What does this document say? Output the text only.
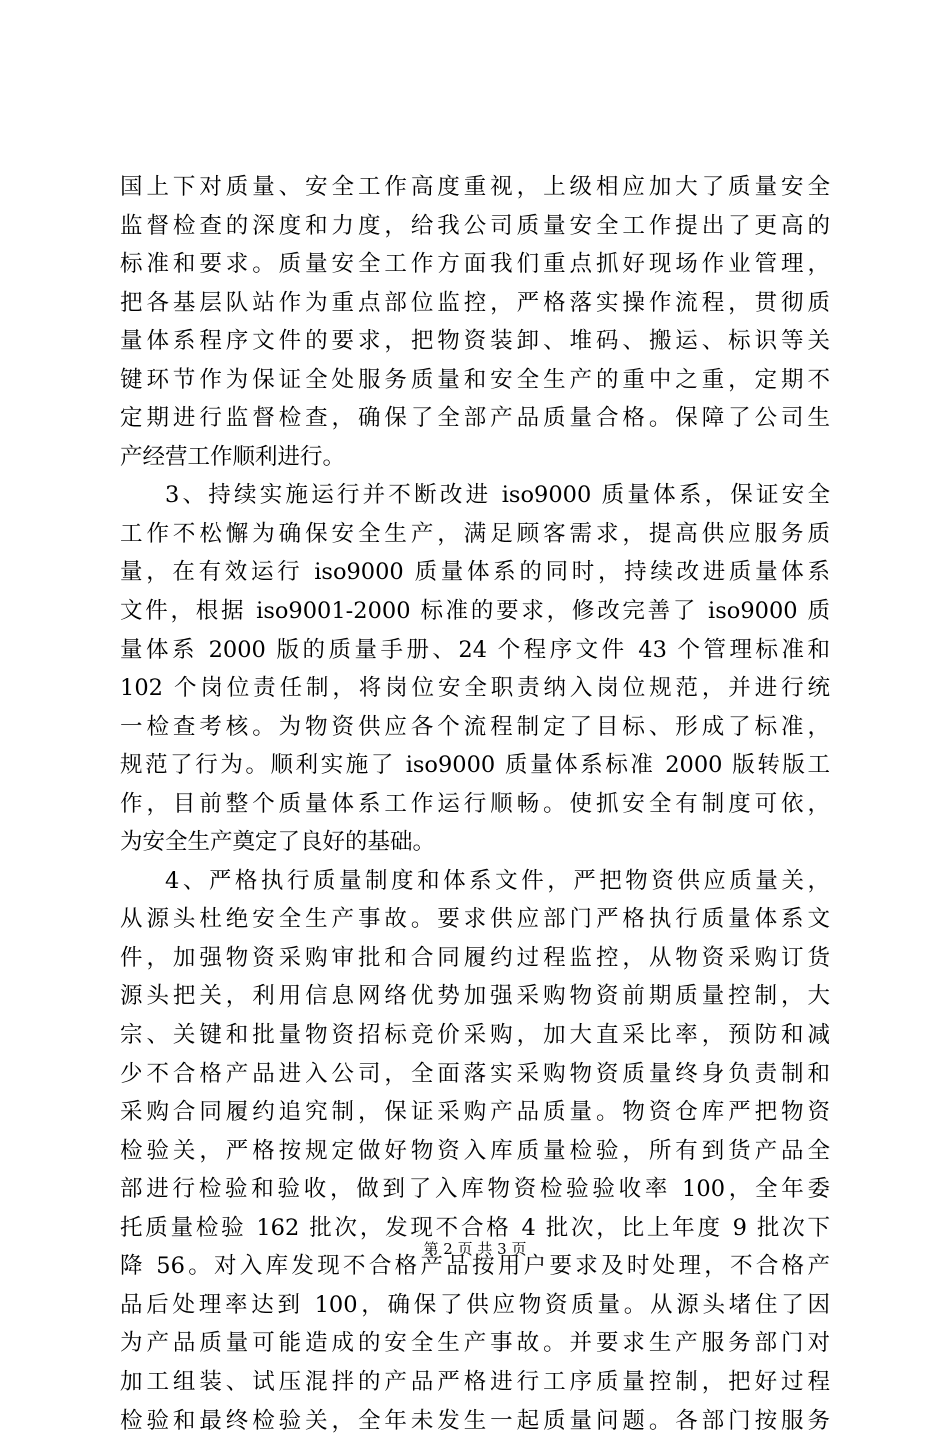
国上下对质量、安全工作高度重视，上级相应加大了质量安全
监督检查的深度和力度，给我公司质量安全工作提出了更高的
标准和要求。质量安全工作方面我们重点抓好现场作业管理，
把各基层队站作为重点部位监控，严格落实操作流程，贯彻质
量体系程序文件的要求，把物资装卸、堆码、搬运、标识等关
键环节作为保证全处服务质量和安全生产的重中之重，定期不
定期进行监督检查，确保了全部产品质量合格。保障了公司生
产经营工作顺利进行。
3、持续实施运行并不断改进 iso9000 质量体系，保证安全
工作不松懈为确保安全生产，满足顾客需求，提高供应服务质
量，在有效运行 iso9000 质量体系的同时，持续改进质量体系
文件，根据 iso9001-2000 标准的要求，修改完善了 iso9000 质
量体系 2000 版的质量手册、24 个程序文件 43 个管理标准和
102 个岗位责任制，将岗位安全职责纳入岗位规范，并进行统
一检查考核。为物资供应各个流程制定了目标、形成了标准，
规范了行为。顺利实施了 iso9000 质量体系标准 2000 版转版工
作，目前整个质量体系工作运行顺畅。使抓安全有制度可依，
为安全生产奠定了良好的基础。
4、严格执行质量制度和体系文件，严把物资供应质量关，
从源头杜绝安全生产事故。要求供应部门严格执行质量体系文
件，加强物资采购审批和合同履约过程监控，从物资采购订货
源头把关，利用信息网络优势加强采购物资前期质量控制，大
宗、关键和批量物资招标竞价采购，加大直采比率，预防和减
少不合格产品进入公司，全面落实采购物资质量终身负责制和
采购合同履约追究制，保证采购产品质量。物资仓库严把物资
检验关，严格按规定做好物资入库质量检验，所有到货产品全
部进行检验和验收，做到了入库物资检验验收率 100，全年委
托质量检验 162 批次，发现不合格 4 批次，比上年度 9 批次下
降 56。对入库发现不合格产品按用户要求及时处理，不合格产
品后处理率达到 100，确保了供应物资质量。从源头堵住了因
为产品质量可能造成的安全生产事故。并要求生产服务部门对
加工组装、试压混拌的产品严格进行工序质量控制，把好过程
检验和最终检验关，全年未发生一起质量问题。各部门按服务
第 2 页 共 3 页
